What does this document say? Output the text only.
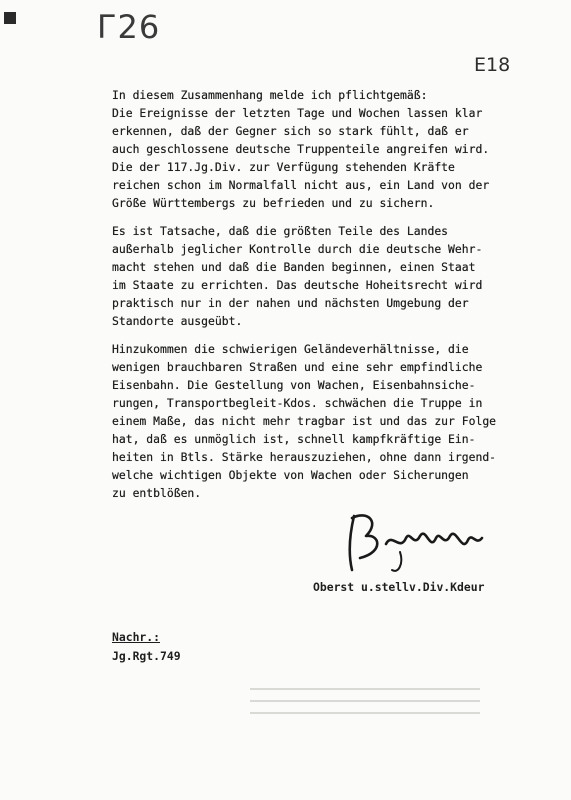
Г26
E18
In diesem Zusammenhang melde ich pflichtgemäß:
Die Ereignisse der letzten Tage und Wochen lassen klar
erkennen, daß der Gegner sich so stark fühlt, daß er
auch geschlossene deutsche Truppenteile angreifen wird.
Die der 117.Jg.Div. zur Verfügung stehenden Kräfte
reichen schon im Normalfall nicht aus, ein Land von der
Größe Württembergs zu befrieden und zu sichern.
Es ist Tatsache, daß die größten Teile des Landes
außerhalb jeglicher Kontrolle durch die deutsche Wehr-
macht stehen und daß die Banden beginnen, einen Staat
im Staate zu errichten. Das deutsche Hoheitsrecht wird
praktisch nur in der nahen und nächsten Umgebung der
Standorte ausgeübt.
Hinzukommen die schwierigen Geländeverhältnisse, die
wenigen brauchbaren Straßen und eine sehr empfindliche
Eisenbahn. Die Gestellung von Wachen, Eisenbahnsiche-
rungen, Transportbegleit-Kdos. schwächen die Truppe in
einem Maße, das nicht mehr tragbar ist und das zur Folge
hat, daß es unmöglich ist, schnell kampfkräftige Ein-
heiten in Btls. Stärke herauszuziehen, ohne dann irgend-
welche wichtigen Objekte von Wachen oder Sicherungen
zu entblößen.
Oberst u.stellv.Div.Kdeur
Nachr.:
Jg.Rgt.749
